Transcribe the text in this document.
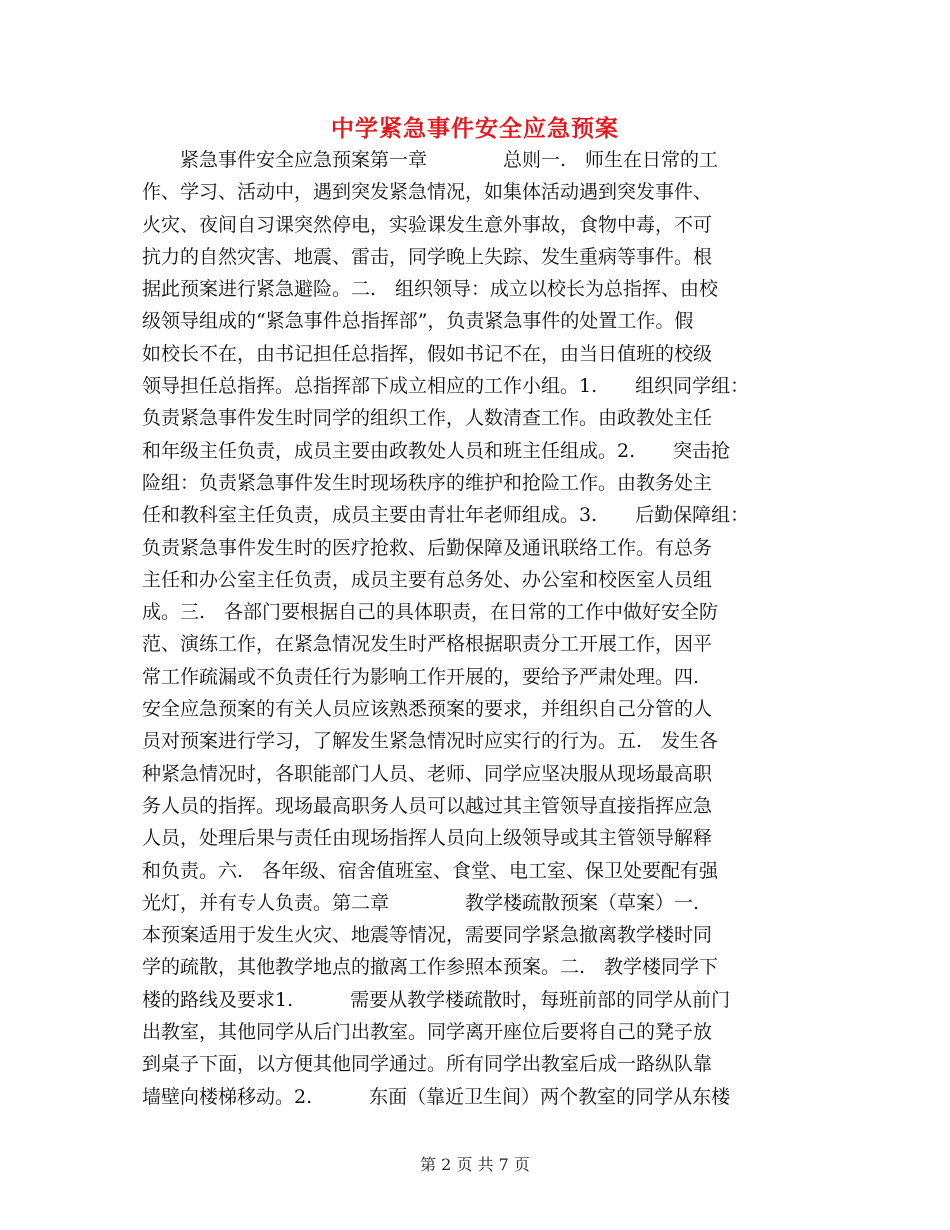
中学紧急事件安全应急预案
　　紧急事件安全应急预案第一章　　　　总则一.　师生在日常的工
作、学习、活动中，遇到突发紧急情况，如集体活动遇到突发事件、
火灾、夜间自习课突然停电，实验课发生意外事故，食物中毒，不可
抗力的自然灾害、地震、雷击，同学晚上失踪、发生重病等事件。根
据此预案进行紧急避险。二.　组织领导：成立以校长为总指挥、由校
级领导组成的“紧急事件总指挥部”，负责紧急事件的处置工作。假
如校长不在，由书记担任总指挥，假如书记不在，由当日值班的校级
领导担任总指挥。总指挥部下成立相应的工作小组。1.　　组织同学组：
负责紧急事件发生时同学的组织工作，人数清查工作。由政教处主任
和年级主任负责，成员主要由政教处人员和班主任组成。2.　　突击抢
险组：负责紧急事件发生时现场秩序的维护和抢险工作。由教务处主
任和教科室主任负责，成员主要由青壮年老师组成。3.　　后勤保障组：
负责紧急事件发生时的医疗抢救、后勤保障及通讯联络工作。有总务
主任和办公室主任负责，成员主要有总务处、办公室和校医室人员组
成。三.　各部门要根据自己的具体职责，在日常的工作中做好安全防
范、演练工作，在紧急情况发生时严格根据职责分工开展工作，因平
常工作疏漏或不负责任行为影响工作开展的，要给予严肃处理。四.
安全应急预案的有关人员应该熟悉预案的要求，并组织自己分管的人
员对预案进行学习，了解发生紧急情况时应实行的行为。五.　发生各
种紧急情况时，各职能部门人员、老师、同学应坚决服从现场最高职
务人员的指挥。现场最高职务人员可以越过其主管领导直接指挥应急
人员，处理后果与责任由现场指挥人员向上级领导或其主管领导解释
和负责。六.　各年级、宿舍值班室、食堂、电工室、保卫处要配有强
光灯，并有专人负责。第二章　　　　教学楼疏散预案（草案）一.
本预案适用于发生火灾、地震等情况，需要同学紧急撤离教学楼时同
学的疏散，其他教学地点的撤离工作参照本预案。二.　教学楼同学下
楼的路线及要求1.　　　需要从教学楼疏散时，每班前部的同学从前门
出教室，其他同学从后门出教室。同学离开座位后要将自己的凳子放
到桌子下面，以方便其他同学通过。所有同学出教室后成一路纵队靠
墙壁向楼梯移动。2.　　　东面（靠近卫生间）两个教室的同学从东楼
第 2 页 共 7 页
